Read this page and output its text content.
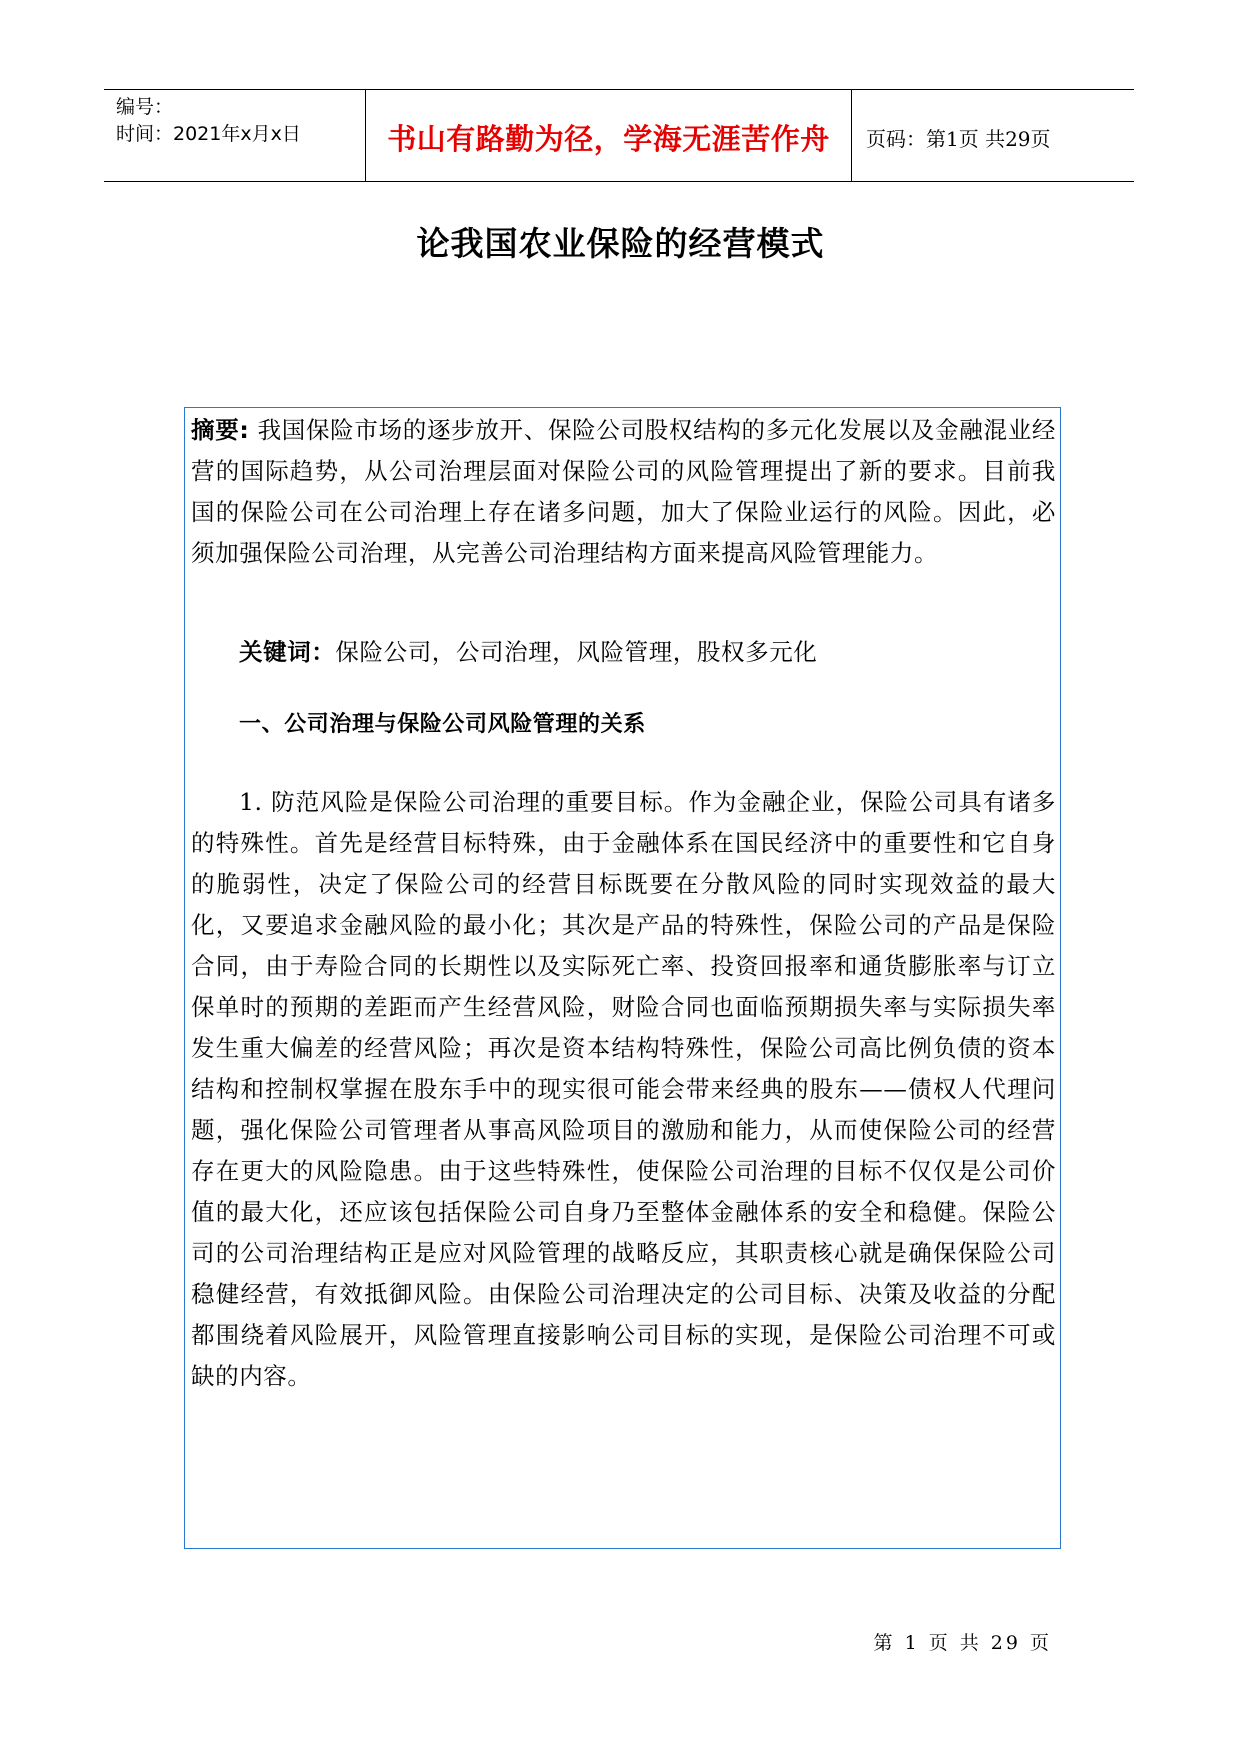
编号：
时间：2021年x月x日	书山有路勤为径，学海无涯苦作舟 页码：第1页 共29页
论我国农业保险的经营模式
摘要: 我国保险市场的逐步放开、保险公司股权结构的多元化发展以及金融混业经营的国际趋势，从公司治理层面对保险公司的风险管理提出了新的要求。目前我国的保险公司在公司治理上存在诸多问题，加大了保险业运行的风险。因此，必须加强保险公司治理，从完善公司治理结构方面来提高风险管理能力。
关键词：保险公司，公司治理，风险管理，股权多元化
一、公司治理与保险公司风险管理的关系
1. 防范风险是保险公司治理的重要目标。作为金融企业，保险公司具有诸多的特殊性。首先是经营目标特殊，由于金融体系在国民经济中的重要性和它自身的脆弱性，决定了保险公司的经营目标既要在分散风险的同时实现效益的最大化，又要追求金融风险的最小化；其次是产品的特殊性，保险公司的产品是保险合同，由于寿险合同的长期性以及实际死亡率、投资回报率和通货膨胀率与订立保单时的预期的差距而产生经营风险，财险合同也面临预期损失率与实际损失率发生重大偏差的经营风险；再次是资本结构特殊性，保险公司高比例负债的资本结构和控制权掌握在股东手中的现实很可能会带来经典的股东——债权人代理问题，强化保险公司管理者从事高风险项目的激励和能力，从而使保险公司的经营存在更大的风险隐患。由于这些特殊性，使保险公司治理的目标不仅仅是公司价值的最大化，还应该包括保险公司自身乃至整体金融体系的安全和稳健。保险公司的公司治理结构正是应对风险管理的战略反应，其职责核心就是确保保险公司稳健经营，有效抵御风险。由保险公司治理决定的公司目标、决策及收益的分配都围绕着风险展开，风险管理直接影响公司目标的实现，是保险公司治理不可或缺的内容。
第 1 页 共 29 页
